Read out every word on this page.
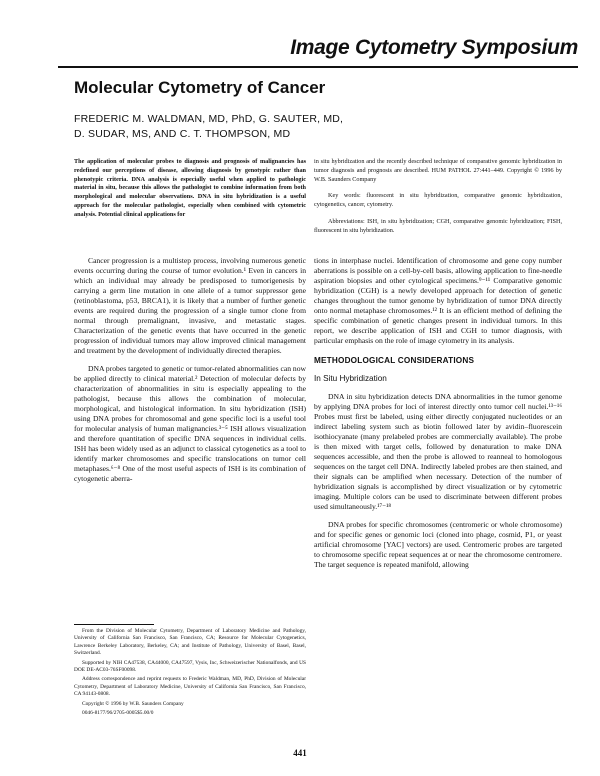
Image Cytometry Symposium
Molecular Cytometry of Cancer
FREDERIC M. WALDMAN, MD, PhD, G. SAUTER, MD,
D. SUDAR, MS, AND C. T. THOMPSON, MD

The application of molecular probes to diagnosis and prognosis of malignancies has redefined our perceptions of disease, allowing diagnosis by genotypic rather than phenotypic criteria. DNA analysis is especially useful when applied to pathologic material in situ, because this allows the pathologist to combine information from both morphological and molecular observations. DNA in situ hybridization is a useful approach for the molecular pathologist, especially when combined with cytometric analysis. Potential clinical applications for

in situ hybridization and the recently described technique of comparative genomic hybridization in tumor diagnosis and prognosis are described. HUM PATHOL 27:441–449. Copyright © 1996 by W.B. Saunders Company

Key words: fluorescent in situ hybridization, comparative genomic hybridization, cytogenetics, cancer, cytometry.

Abbreviations: ISH, in situ hybridization; CGH, comparative genomic hybridization; FISH, fluorescent in situ hybridization.

Cancer progression is a multistep process, involving numerous genetic events occurring during the course of tumor evolution.¹ Even in cancers in which an individual may already be predisposed to tumorigenesis by carrying a germ line mutation in one allele of a tumor suppressor gene (retinoblastoma, p53, BRCA1), it is likely that a number of further genetic events are required during the progression of a single tumor clone from normal through premalignant, invasive, and metastatic stages. Characterization of the genetic events that have occurred in the genetic progression of individual tumors may allow improved clinical management and treatment by the development of individually directed therapies.

DNA probes targeted to genetic or tumor-related abnormalities can now be applied directly to clinical material.² Detection of molecular defects by characterization of abnormalities in situ is especially appealing to the pathologist, because this allows the combination of molecular, morphological, and histological information. In situ hybridization (ISH) using DNA probes for chromosomal and gene specific loci is a useful tool for molecular analysis of human malignancies.³⁻⁵ ISH allows visualization and therefore quantitation of specific DNA sequences in individual cells. ISH has been widely used as an adjunct to classical cytogenetics as a tool to identify marker chromosomes and specific translocations on tumor cell metaphases.⁶⁻⁸ One of the most useful aspects of ISH is its combination of cytogenetic aberra-

tions in interphase nuclei. Identification of chromosome and gene copy number aberrations is possible on a cell-by-cell basis, allowing application to fine-needle aspiration biopsies and other cytological specimens.⁹⁻¹¹ Comparative genomic hybridization (CGH) is a newly developed approach for detection of genetic changes throughout the tumor genome by hybridization of tumor DNA directly onto normal metaphase chromosomes.¹² It is an efficient method of defining the specific combination of genetic changes present in individual tumors. In this report, we describe application of ISH and CGH to tumor diagnosis, with particular emphasis on the role of image cytometry in its analysis.

METHODOLOGICAL CONSIDERATIONS
In Situ Hybridization

DNA in situ hybridization detects DNA abnormalities in the tumor genome by applying DNA probes for loci of interest directly onto tumor cell nuclei.¹³⁻¹⁶ Probes must first be labeled, using either directly conjugated nucleotides or an indirect labeling system such as biotin followed later by avidin–fluorescein isothiocyanate (many prelabeled probes are commercially available). The probe is then mixed with target cells, followed by denaturation to make DNA sequences accessible, and then the probe is allowed to reanneal to homologous sequences on the target cell DNA. Indirectly labeled probes are then stained, and their signals can be amplified when necessary. Detection of the number of hybridization signals is accomplished by direct visualization or by cytometric imaging. Multiple colors can be used to discriminate between different probes used simultaneously.¹⁷⁻¹⁸

DNA probes for specific chromosomes (centromeric or whole chromosome) and for specific genes or genomic loci (cloned into phage, cosmid, P1, or yeast artificial chromosome [YAC] vectors) are used. Centromeric probes are targeted to chromosome specific repeat sequences at or near the chromosome centromere. The target sequence is repeated manifold, allowing

From the Division of Molecular Cytometry, Department of Laboratory Medicine and Pathology, University of California San Francisco, San Francisco, CA; Resource for Molecular Cytogenetics, Lawrence Berkeley Laboratory, Berkeley, CA; and Institute of Pathology, University of Basel, Basel, Switzerland.

Supported by NIH CA47538, CA44000, CA47597, Vysis, Inc, Schweizerischer Nationalfonds, and US DOE DE-AC03-76SF00098.

Address correspondence and reprint requests to Frederic Waldman, MD, PhD, Division of Molecular Cytometry, Department of Laboratory Medicine, University of California San Francisco, San Francisco, CA 94143-0808.

Copyright © 1996 by W.B. Saunders Company

0046-8177/96/2705-0005$5.00/0

441
